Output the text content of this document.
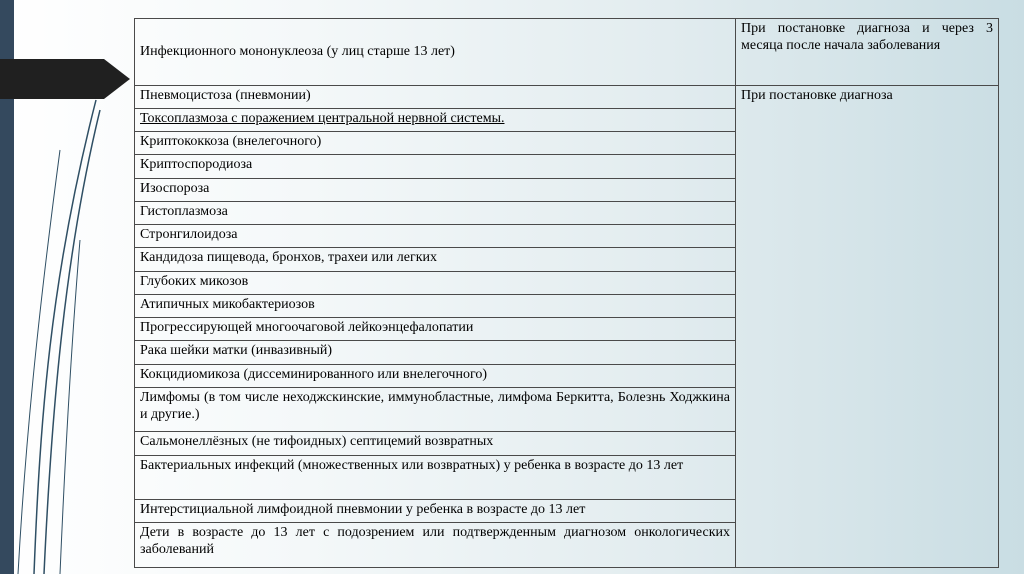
Инфекционного мононуклеоза (у лиц старше 13 лет)	При постановке диагноза и через 3 месяца после начала заболевания
Пневмоцистоза (пневмонии)	При постановке диагноза
Токсоплазмоза с поражением центральной нервной системы.	
Криптококкоза (внелегочного)	
Криптоспородиоза	
Изоспороза	
Гистоплазмоза	
Стронгилоидоза	
Кандидоза пищевода, бронхов, трахеи или легких	
Глубоких микозов	
Атипичных микобактериозов	
Прогрессирующей многоочаговой лейкоэнцефалопатии	
Рака шейки матки (инвазивный)	
Кокцидиомикоза (диссеминированного или внелегочного)	
Лимфомы (в том числе неходжскинские, иммунобластные, лимфома Беркитта, Болезнь Ходжкина и другие.)	
Сальмонеллёзных (не тифоидных) септицемий возвратных	
Бактериальных инфекций (множественных или возвратных) у ребенка в возрасте до 13 лет	
Интерстициальной лимфоидной пневмонии у ребенка в возрасте до 13 лет	
Дети в возрасте до 13 лет с подозрением или подтвержденным диагнозом онкологических заболеваний	
